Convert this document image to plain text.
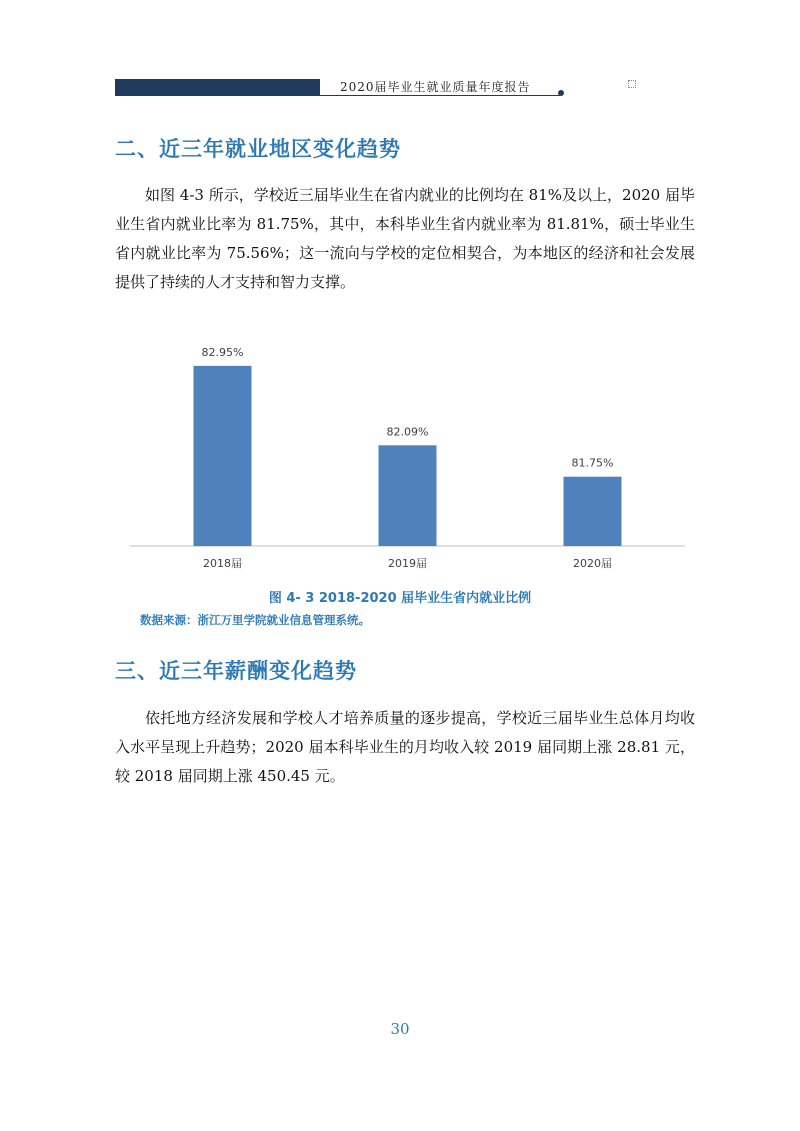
2020届毕业生就业质量年度报告
二、近三年就业地区变化趋势
如图 4-3 所示，学校近三届毕业生在省内就业的比例均在 81%及以上，2020 届毕业生省内就业比率为 81.75%，其中，本科毕业生省内就业率为 81.81%，硕士毕业生省内就业比率为 75.56%；这一流向与学校的定位相契合，为本地区的经济和社会发展提供了持续的人才支持和智力支撑。
82.95%
2018届
82.09%
2019届
81.75%
2020届
图 4- 3 2018-2020 届毕业生省内就业比例
数据来源：浙江万里学院就业信息管理系统。
三、近三年薪酬变化趋势
依托地方经济发展和学校人才培养质量的逐步提高，学校近三届毕业生总体月均收入水平呈现上升趋势；2020 届本科毕业生的月均收入较 2019 届同期上涨 28.81 元，较 2018 届同期上涨 450.45 元。
30
